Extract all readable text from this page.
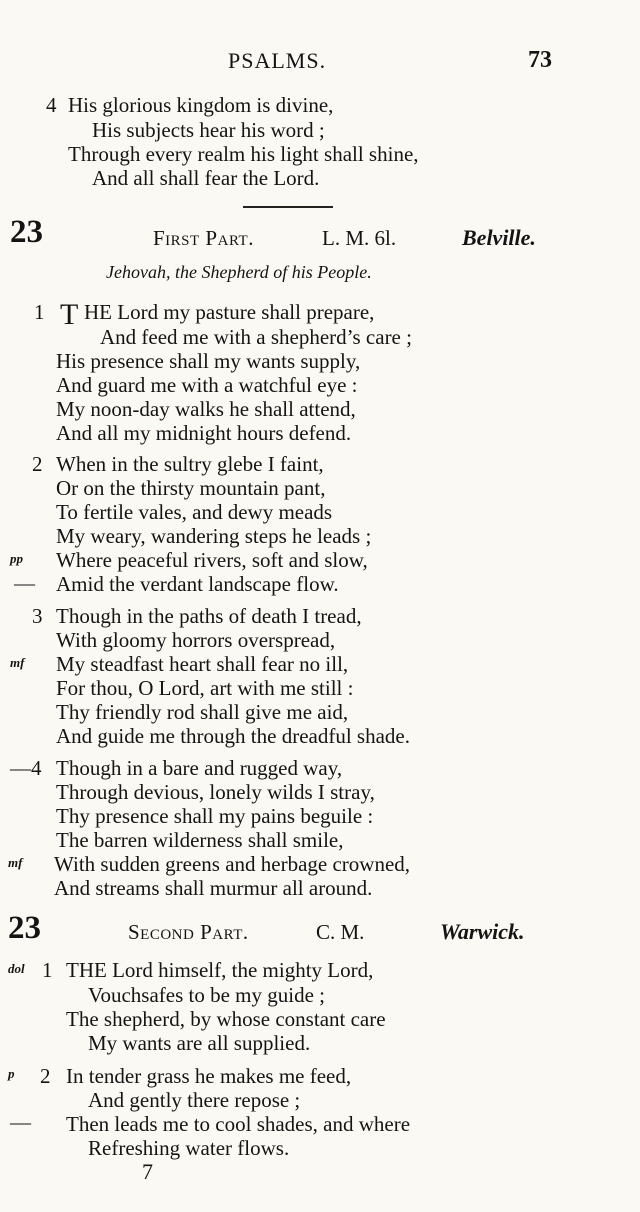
PSALMS.	73
4 His glorious kingdom is divine,
His subjects hear his word ;
Through every realm his light shall shine,
And all shall fear the Lord.
23	First Part.	L. M. 6l.	Belville.
Jehovah, the Shepherd of his People.
1 T HE Lord my pasture shall prepare,
And feed me with a shepherd’s care ;
His presence shall my wants supply,
And guard me with a watchful eye :
My noon-day walks he shall attend,
And all my midnight hours defend.
2 When in the sultry glebe I faint,
Or on the thirsty mountain pant,
To fertile vales, and dewy meads
My weary, wandering steps he leads ;
pp Where peaceful rivers, soft and slow,
— Amid the verdant landscape flow.
3 Though in the paths of death I tread,
With gloomy horrors overspread,
mf My steadfast heart shall fear no ill,
For thou, O Lord, art with me still :
Thy friendly rod shall give me aid,
And guide me through the dreadful shade.
—4 Though in a bare and rugged way,
Through devious, lonely wilds I stray,
Thy presence shall my pains beguile :
The barren wilderness shall smile,
mf With sudden greens and herbage crowned,
And streams shall murmur all around.
23	Second Part.	C. M.	Warwick.
dol 1 THE Lord himself, the mighty Lord,
Vouchsafes to be my guide ;
The shepherd, by whose constant care
My wants are all supplied.
p 2 In tender grass he makes me feed,
And gently there repose ;
— Then leads me to cool shades, and where
Refreshing water flows.
7
